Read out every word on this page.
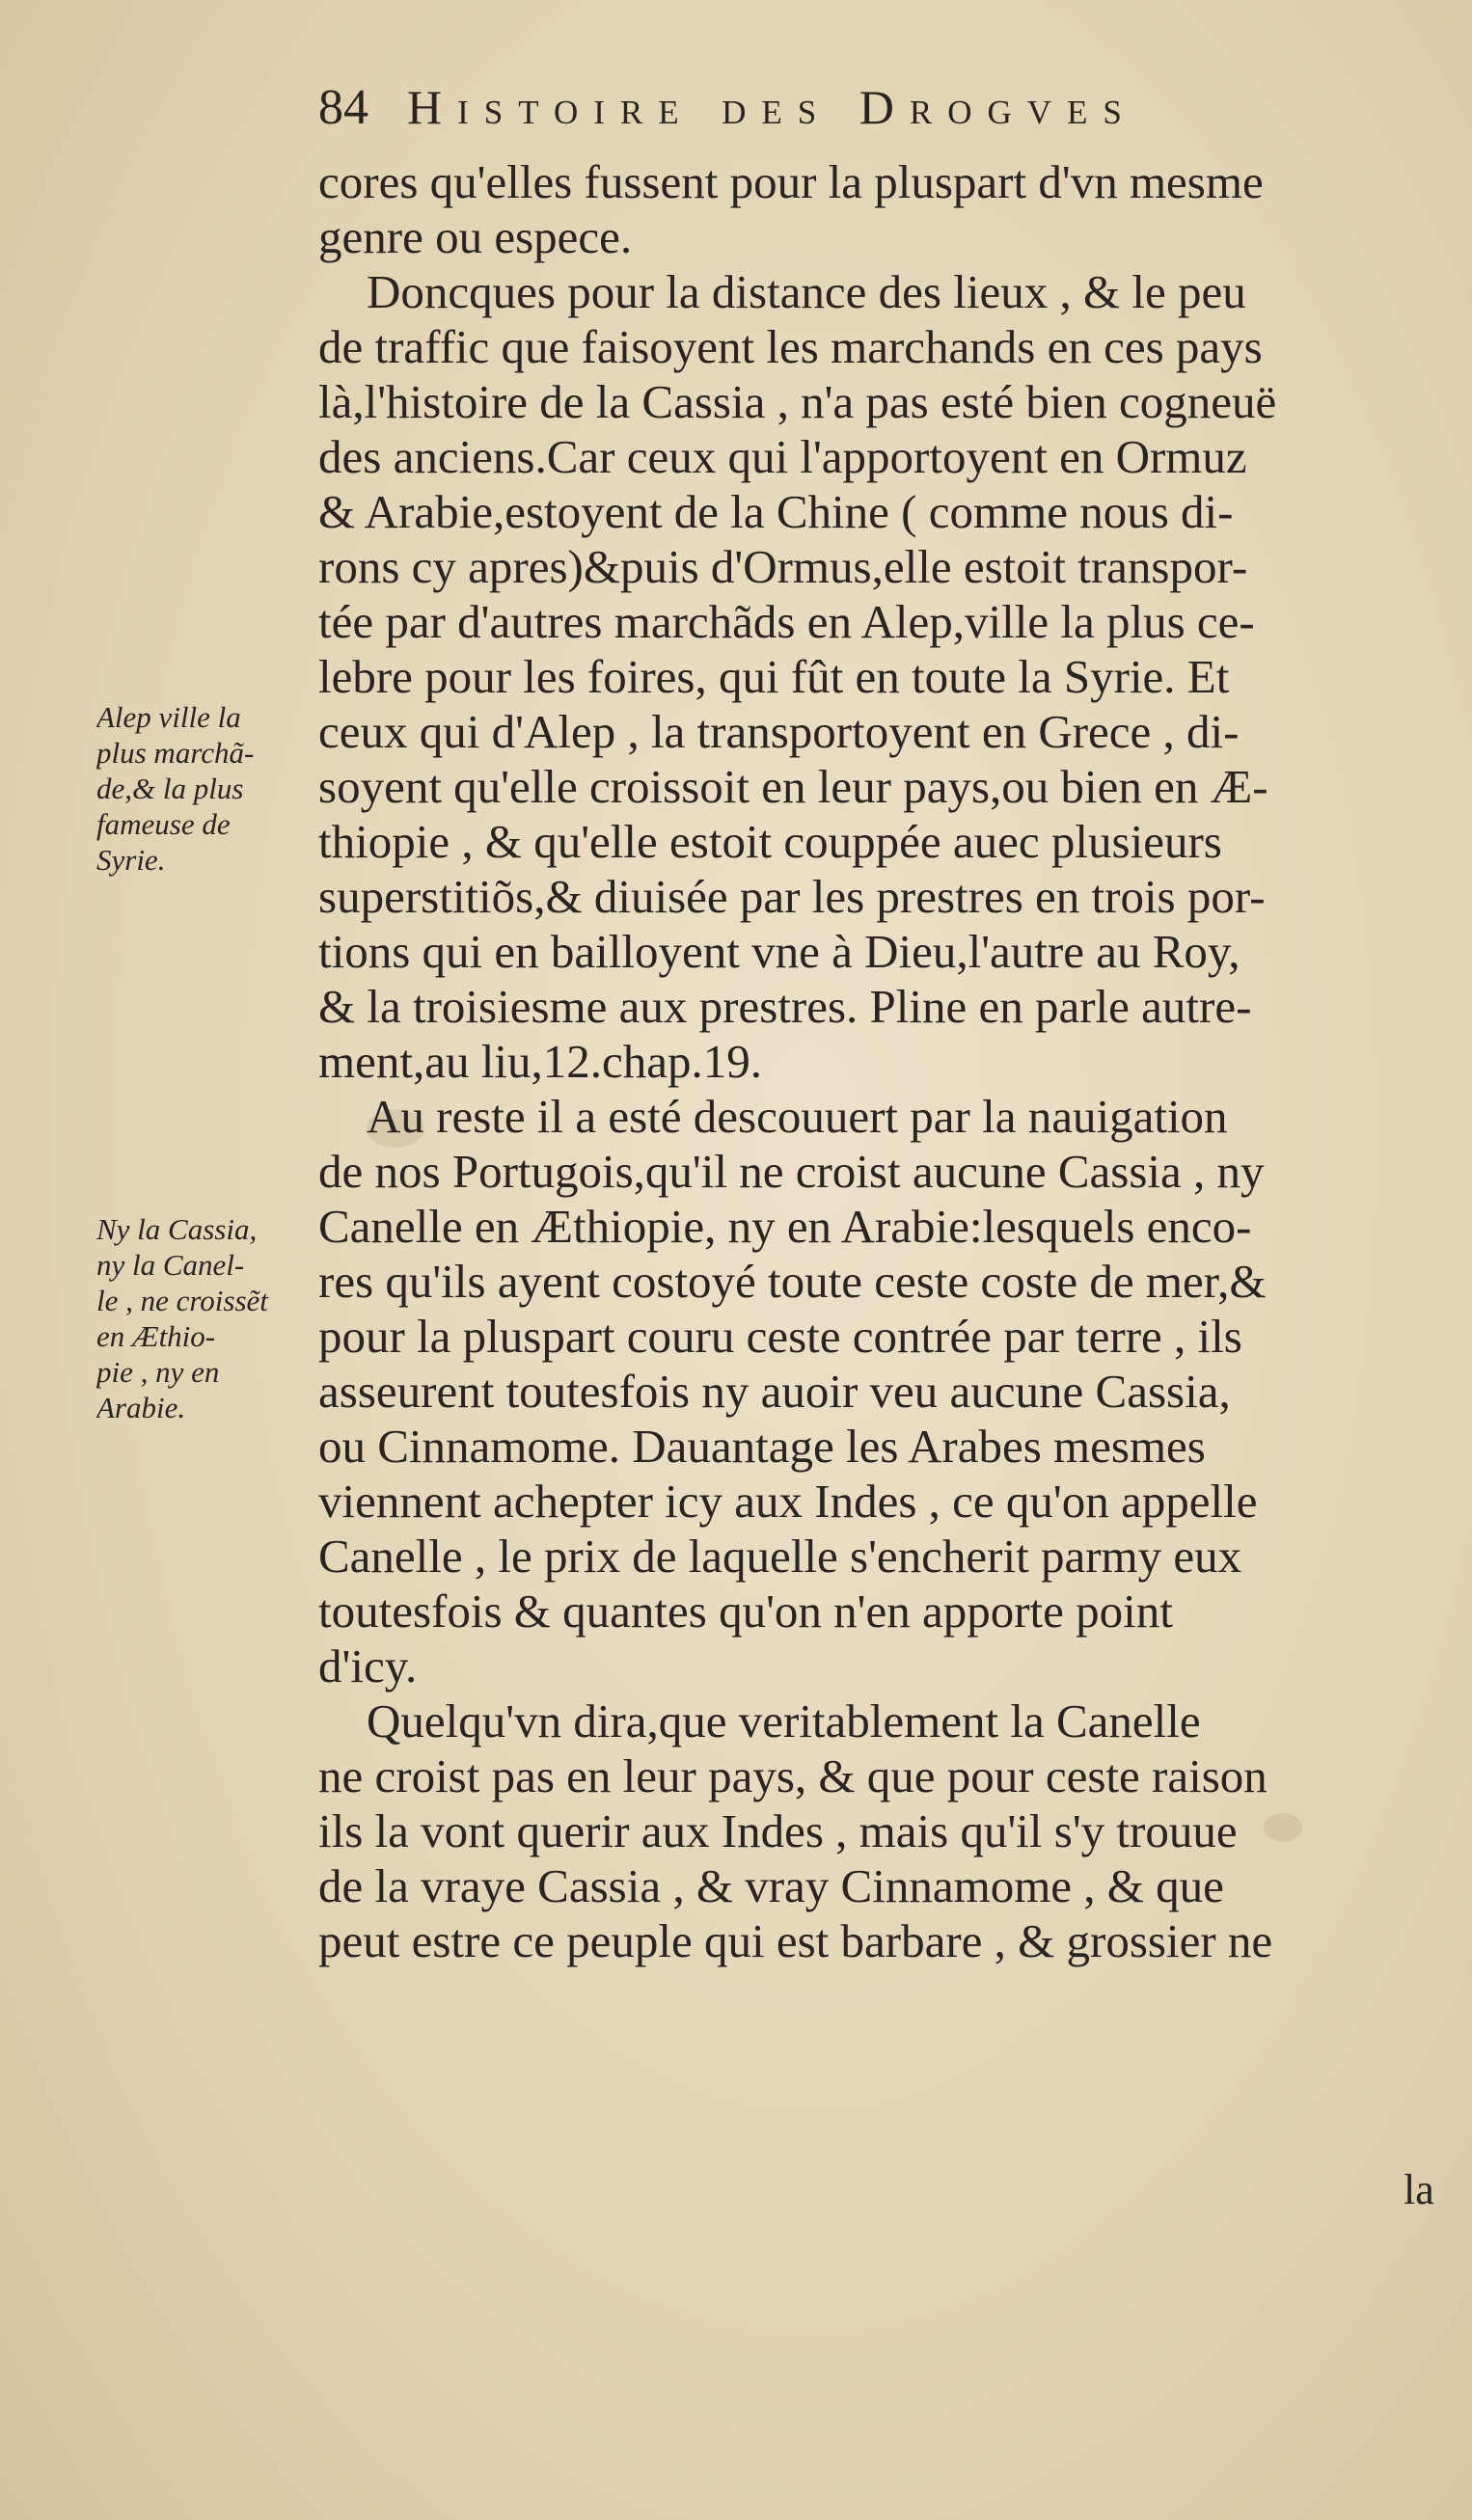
84 Histoire des Drogves
cores qu'elles fussent pour la pluspart d'vn mesme
genre ou espece.
Doncques pour la distance des lieux , & le peu
de traffic que faisoyent les marchands en ces pays
là,l'histoire de la Cassia , n'a pas esté bien cogneuë
des anciens.Car ceux qui l'apportoyent en Ormuz
& Arabie,estoyent de la Chine ( comme nous di-
rons cy apres)&puis d'Ormus,elle estoit transpor-
tée par d'autres marchãds en Alep,ville la plus ce-
lebre pour les foires, qui fût en toute la Syrie. Et
ceux qui d'Alep , la transportoyent en Grece , di-
soyent qu'elle croissoit en leur pays,ou bien en Æ-
thiopie , & qu'elle estoit couppée auec plusieurs
superstitiõs,& diuisée par les prestres en trois por-
tions qui en bailloyent vne à Dieu,l'autre au Roy,
& la troisiesme aux prestres. Pline en parle autre-
ment,au liu,12.chap.19.
Au reste il a esté descouuert par la nauigation
de nos Portugois,qu'il ne croist aucune Cassia , ny
Canelle en Æthiopie, ny en Arabie:lesquels enco-
res qu'ils ayent costoyé toute ceste coste de mer,&
pour la pluspart couru ceste contrée par terre , ils
asseurent toutesfois ny auoir veu aucune Cassia,
ou Cinnamome. Dauantage les Arabes mesmes
viennent achepter icy aux Indes , ce qu'on appelle
Canelle , le prix de laquelle s'encherit parmy eux
toutesfois & quantes qu'on n'en apporte point
d'icy.
Quelqu'vn dira,que veritablement la Canelle
ne croist pas en leur pays, & que pour ceste raison
ils la vont querir aux Indes , mais qu'il s'y trouue
de la vraye Cassia , & vray Cinnamome , & que
peut estre ce peuple qui est barbare , & grossier ne
la
Alep ville la
plus marchã-
de,& la plus
fameuse de
Syrie.
Ny la Cassia,
ny la Canel-
le , ne croissẽt
en Æthio-
pie , ny en
Arabie.
